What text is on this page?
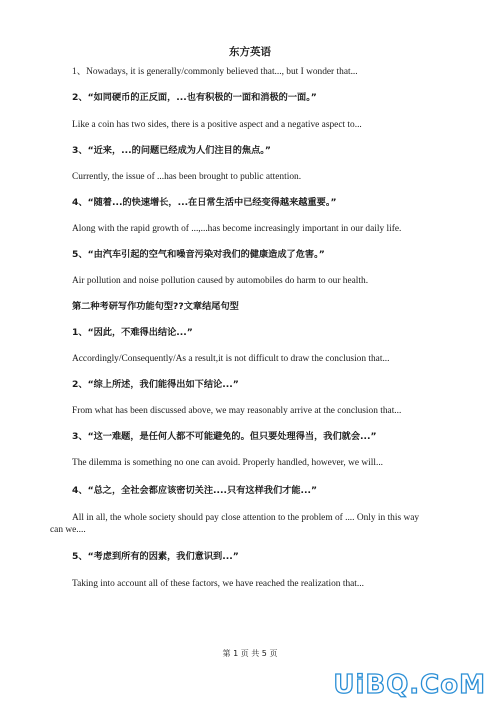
东方英语
1、Nowadays, it is generally/commonly believed that..., but I wonder that...
2、“如同硬币的正反面，...也有积极的一面和消极的一面。”
Like a coin has two sides, there is a positive aspect and a negative aspect to...
3、“近来，...的问题已经成为人们注目的焦点。”
Currently, the issue of ...has been brought to public attention.
4、“随着...的快速增长，...在日常生活中已经变得越来越重要。”
Along with the rapid growth of ...,...has become increasingly important in our daily life.
5、“由汽车引起的空气和噪音污染对我们的健康造成了危害。”
Air pollution and noise pollution caused by automobiles do harm to our health.
第二种考研写作功能句型??文章结尾句型
1、“因此，不难得出结论...”
Accordingly/Consequently/As a result,it is not difficult to draw the conclusion that...
2、“综上所述，我们能得出如下结论...”
From what has been discussed above, we may reasonably arrive at the conclusion that...
3、“这一难题，是任何人都不可能避免的。但只要处理得当，我们就会...”
The dilemma is something no one can avoid. Properly handled, however, we will...
4、“总之，全社会都应该密切关注....只有这样我们才能...”
All in all, the whole society should pay close attention to the problem of .... Only in this way can we....
5、“考虑到所有的因素，我们意识到...”
Taking into account all of these factors, we have reached the realization that...
第 1 页 共 5 页
UiBQ.CoM
